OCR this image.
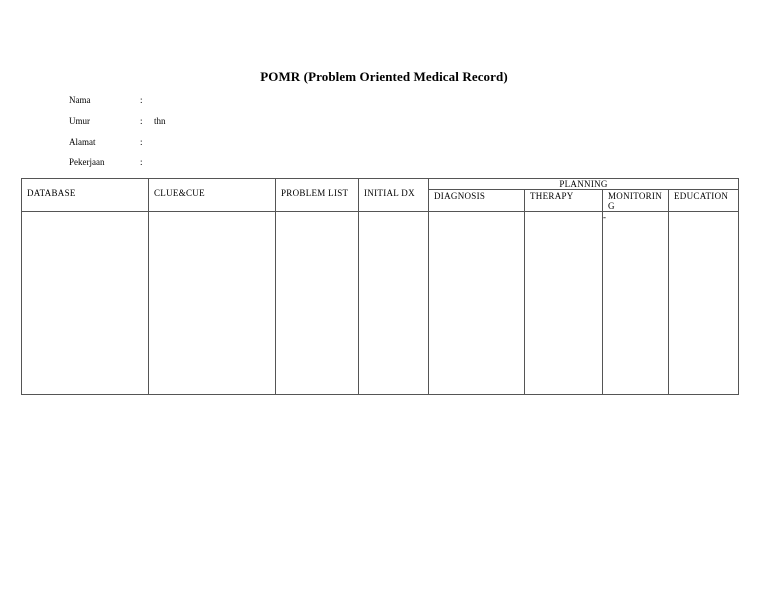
POMR (Problem Oriented Medical Record)
Nama	:
Umur	: thn
Alamat	:
Pekerjaan	:
DATABASE	CLUE&CUE	PROBLEM LIST	INITIAL DX	PLANNING			
				DIAGNOSIS	THERAPY	MONITORING	EDUCATION
						-	
